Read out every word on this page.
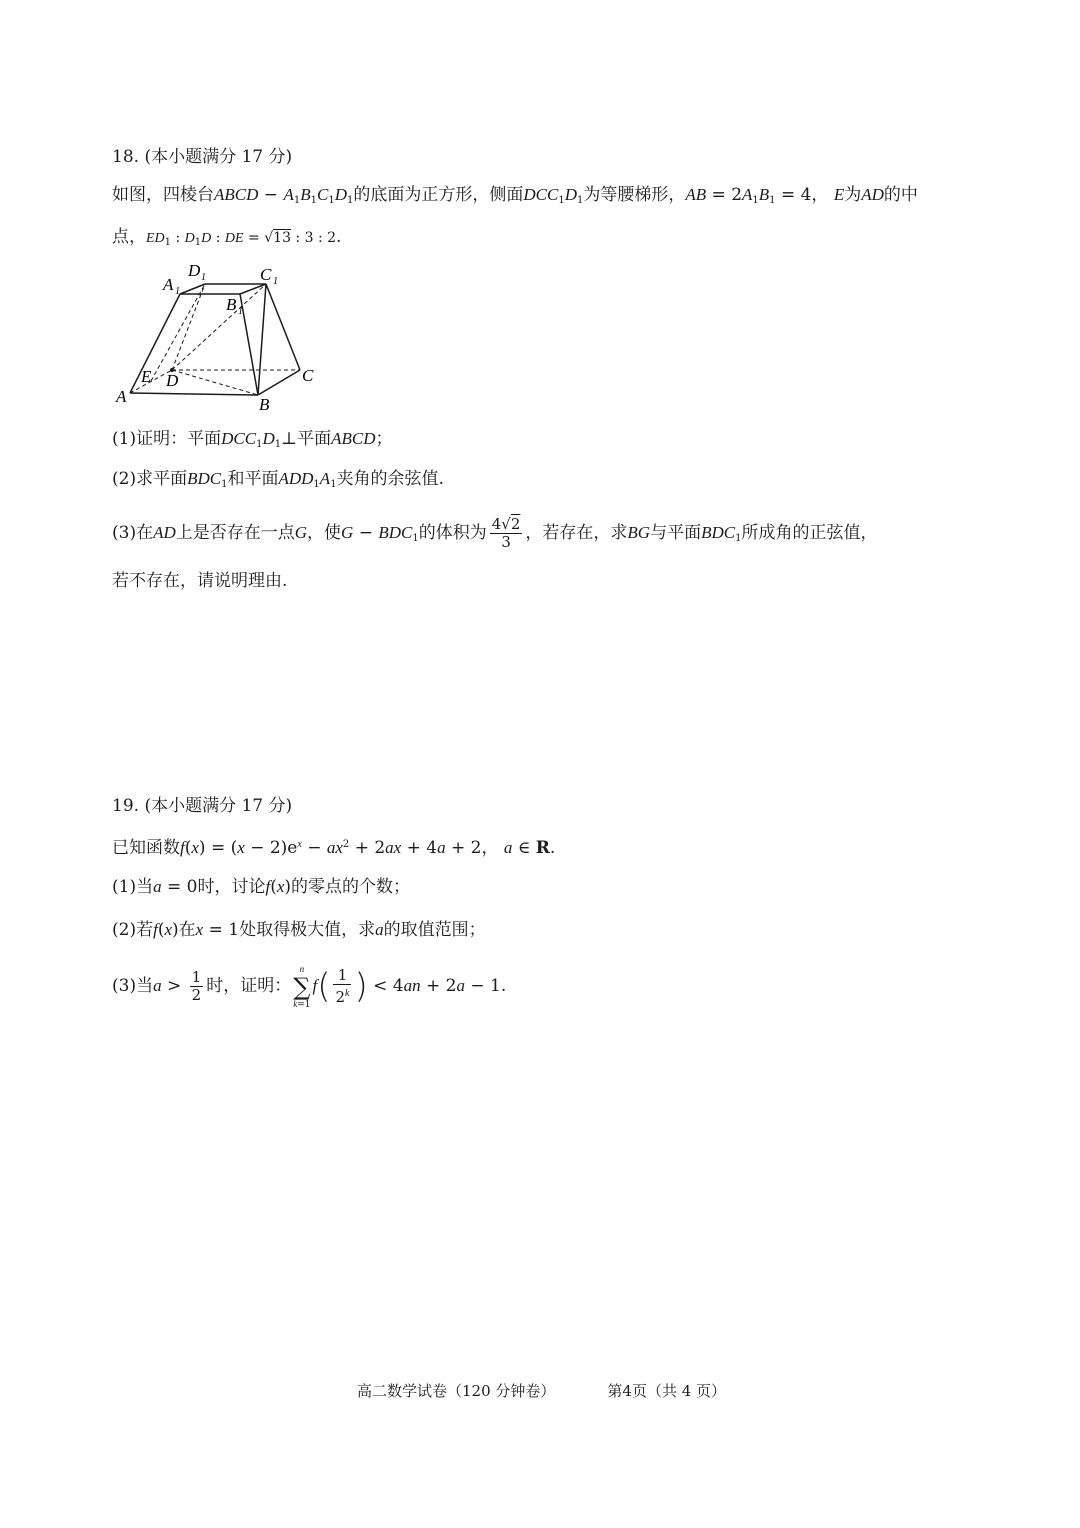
18. (本小题满分 17 分)
如图，四棱台ABCD − $A_1B_1C_1D_1$的底面为正方形，侧面$DCC_1D_1$为等腰梯形，AB = $2A_1B_1 = 4$， E为AD的中
点，$ED_1$ : $D_1D$ : DE = √13 : 3 : 2.
A	B
C
D
E
A 1
D 1	C 1
B 1
(1)证明：平面$DCC_1D_1\perp$平面ABCD；
(2)求平面$BDC_1$和平面$ADD_1A_1$夹角的余弦值.
(3)在AD上是否存在一点G，使$G - BDC_1$的体积为 $\frac{4√2}{3}$ ，若存在，求BG与平面$BDC_1$所成角的正弦值，
若不存在，请说明理由.
19. (本小题满分 17 分)
已知函数$f(x) = (x - 2)e^x - ax^2 + 2ax + 4a + 2$， a ∈ R.
(1)当a = 0时，讨论f(x)的零点的个数；
(2)若f(x)在x = 1处取得极大值，求a的取值范围；
(3)当$a > \frac{1}{2}$ 时，证明：
n
∑
k=1
$f( \frac{1}{2^k}$ ) < 4an + 2a − 1.
高二数学试卷（120 分钟卷）	第4页（共 4 页）
